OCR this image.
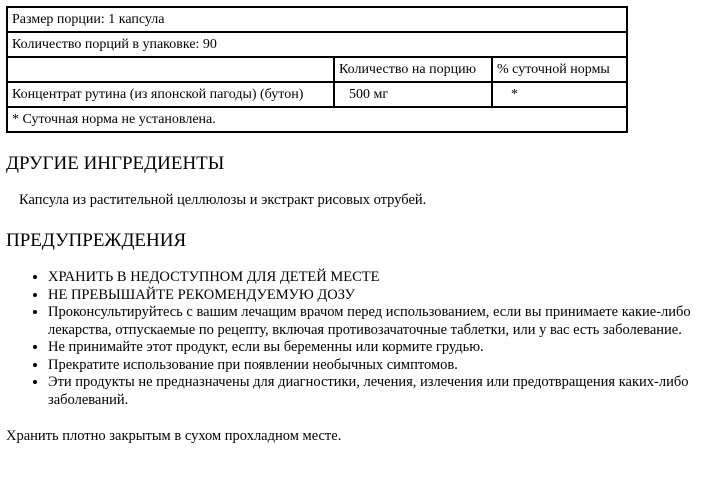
Размер порции: 1 капсула		
Количество порций в упаковке: 90		
	Количество на порцию	% суточной нормы
Концентрат рутина (из японской пагоды) (бутон)	500 мг	*
* Суточная норма не установлена.		
ДРУГИЕ ИНГРЕДИЕНТЫ

Капсула из растительной целлюлозы и экстракт рисовых отрубей.

ПРЕДУПРЕЖДЕНИЯ
• ХРАНИТЬ В НЕДОСТУПНОМ ДЛЯ ДЕТЕЙ МЕСТЕ
• НЕ ПРЕВЫШАЙТЕ РЕКОМЕНДУЕМУЮ ДОЗУ
• Проконсультируйтесь с вашим лечащим врачом перед использованием, если вы принимаете какие-либо лекарства, отпускаемые по рецепту, включая противозачаточные таблетки, или у вас есть заболевание.
• Не принимайте этот продукт, если вы беременны или кормите грудью.
• Прекратите использование при появлении необычных симптомов.
• Эти продукты не предназначены для диагностики, лечения, излечения или предотвращения каких-либо заболеваний.

Хранить плотно закрытым в сухом прохладном месте.
